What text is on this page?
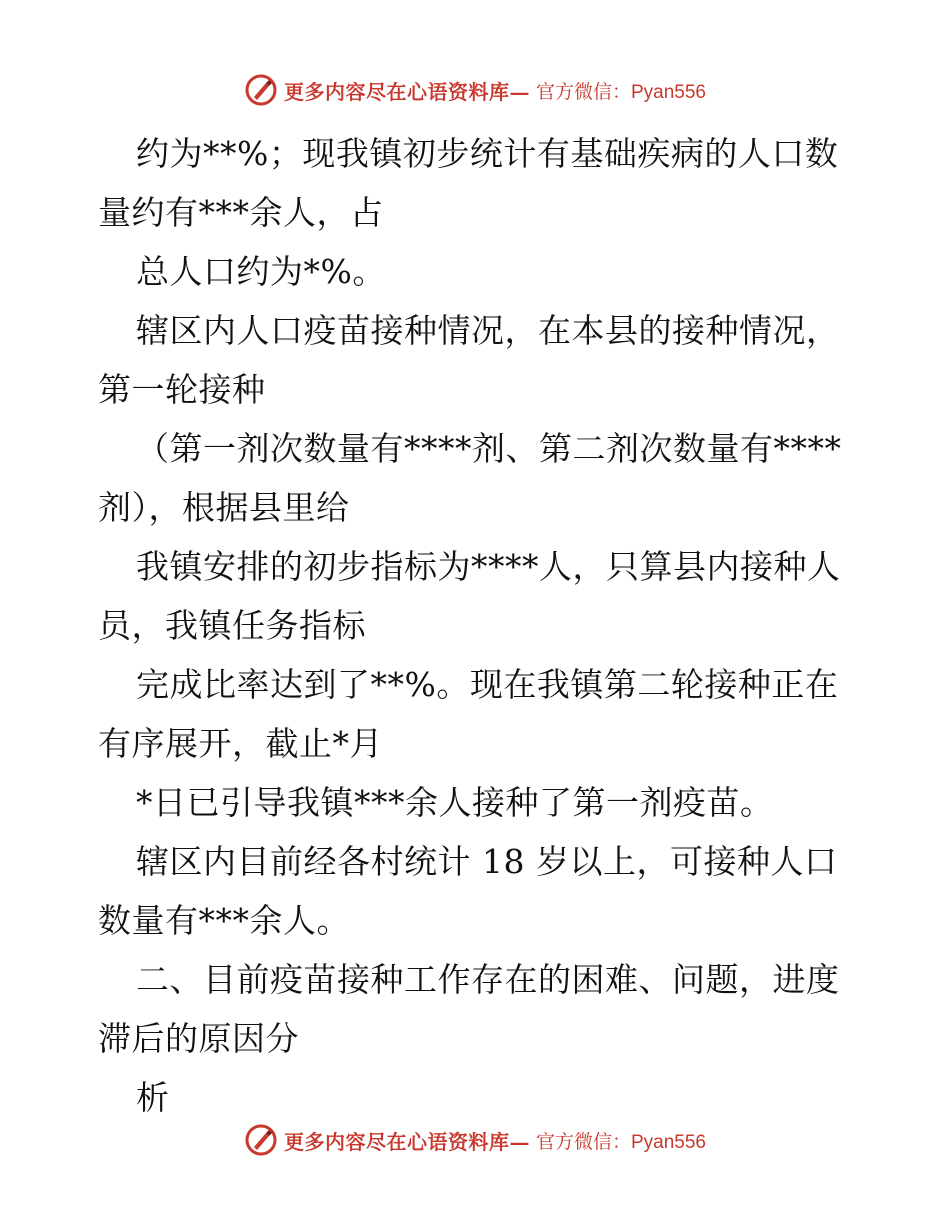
更多内容尽在心语资料库— 官方微信：Pyan556
约为**%；现我镇初步统计有基础疾病的人口数
量约有***余人，占
总人口约为*%。
辖区内人口疫苗接种情况，在本县的接种情况，
第一轮接种
（第一剂次数量有****剂、第二剂次数量有****
剂），根据县里给
我镇安排的初步指标为****人，只算县内接种人
员，我镇任务指标
完成比率达到了**%。现在我镇第二轮接种正在
有序展开，截止*月
*日已引导我镇***余人接种了第一剂疫苗。
辖区内目前经各村统计 18 岁以上，可接种人口
数量有***余人。
二、目前疫苗接种工作存在的困难、问题，进度
滞后的原因分
析
更多内容尽在心语资料库— 官方微信：Pyan556
